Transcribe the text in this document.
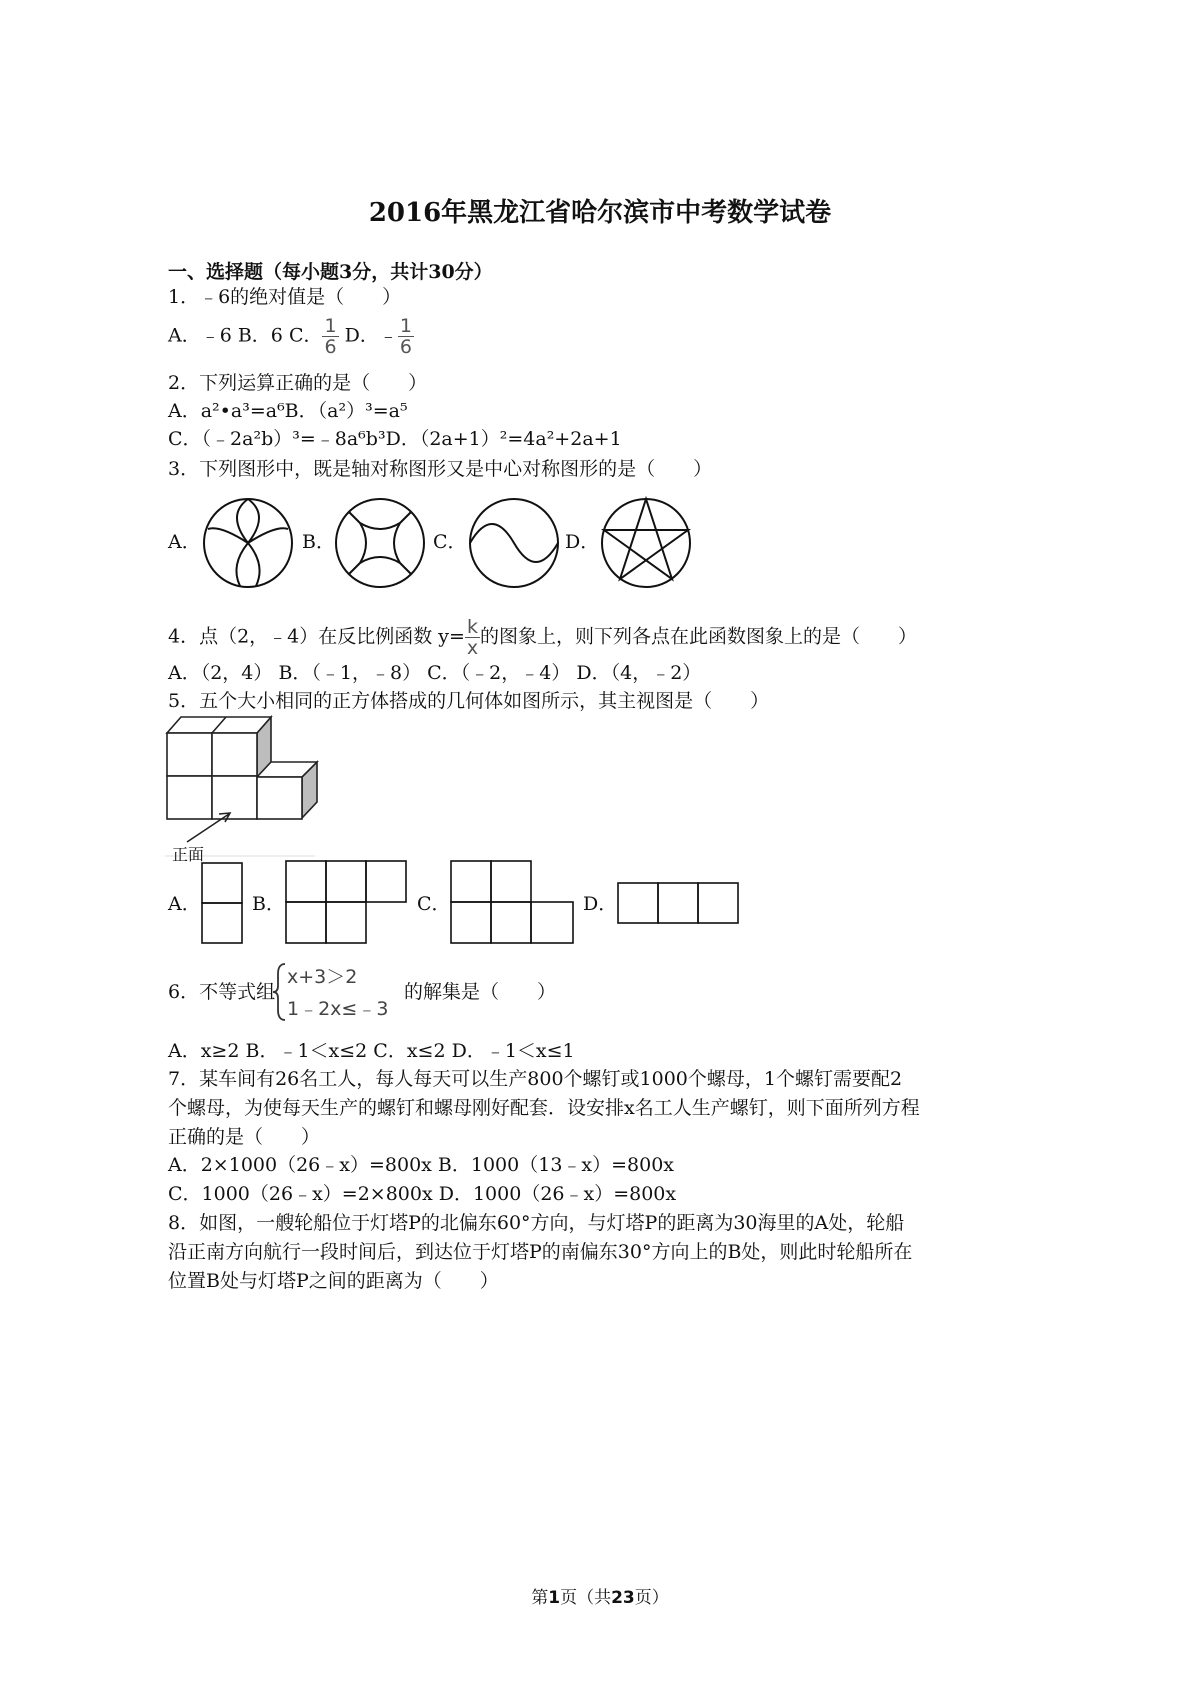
2016年黑龙江省哈尔滨市中考数学试卷
一、选择题（每小题3分，共计30分）
1．﹣6的绝对值是（　　）
A．﹣6 B．6 C． $\frac{1}{6}$ D．﹣ $\frac{1}{6}$
2．下列运算正确的是（　　）
A．a²•a³=a⁶B．（a²）³=a⁵
C．（﹣2a²b）³=﹣8a⁶b³D．（2a+1）²=4a²+2a+1
3．下列图形中，既是轴对称图形又是中心对称图形的是（　　）
A．	B．	C．	D．
4．点（2，﹣4）在反比例函数 $y= \frac{k}{x}$ 的图象上，则下列各点在此函数图象上的是（　　）
A．（2，4） B．（﹣1，﹣8） C．（﹣2，﹣4） D．（4，﹣2）
5．五个大小相同的正方体搭成的几何体如图所示，其主视图是（　　）
正面
A．	B．	C．	D．
6．不等式组
x+3＞2
1﹣2x≤﹣3
的解集是（　　）
A．x≥2 B．﹣1＜x≤2 C．x≤2 D．﹣1＜x≤1
7．某车间有26名工人，每人每天可以生产800个螺钉或1000个螺母，1个螺钉需要配2
个螺母，为使每天生产的螺钉和螺母刚好配套．设安排x名工人生产螺钉，则下面所列方程
正确的是（　　）
A．2×1000（26﹣x）=800x B．1000（13﹣x）=800x
C．1000（26﹣x）=2×800x D．1000（26﹣x）=800x
8．如图，一艘轮船位于灯塔P的北偏东60°方向，与灯塔P的距离为30海里的A处，轮船
沿正南方向航行一段时间后，到达位于灯塔P的南偏东30°方向上的B处，则此时轮船所在
位置B处与灯塔P之间的距离为（　　）
第1页（共23页）
